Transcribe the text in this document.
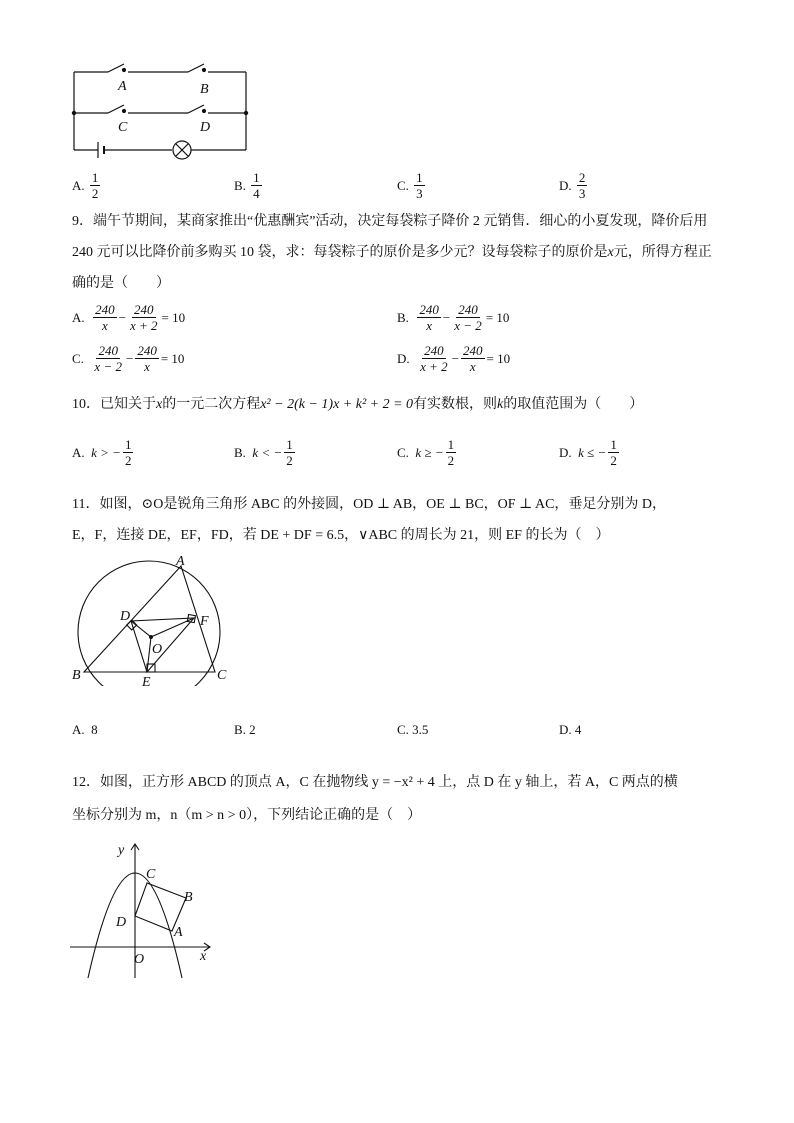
A	B
C	D
A.
$\frac{1}{2}$	B.
$\frac{1}{4}$	C.
$\frac{1}{3}$	D.
$\frac{2}{3}$
9．端午节期间，某商家推出“优惠酬宾”活动，决定每袋粽子降价 2 元销售．细心的小夏发现，降价后用
240 元可以比降价前多购买 10 袋，求：每袋粽子的原价是多少元？设每袋粽子的原价是x元，所得方程正
确的是（　　）
A.
$\frac{240}{x} - \frac{240}{x + 2} = 10$	B.
$\frac{240}{x} - \frac{240}{x - 2} = 10$
C.
$\frac{240}{x - 2} - \frac{240}{x} = 10$	D.
$\frac{240}{x + 2} - \frac{240}{x} = 10$
10．已知关于x的一元二次方程x² − 2(k − 1)x + k² + 2 = 0有实数根，则k的取值范围为（　　）
A.
k > − $\frac{1}{2}$	B.
k < − $\frac{1}{2}$	C.
k ≥ − $\frac{1}{2}$	D.
k ≤ − $\frac{1}{2}$
11．如图，⊙O是锐角三角形 ABC 的外接圆，OD ⊥ AB，OE ⊥ BC，OF ⊥ AC，垂足分别为 D，
E，F，连接 DE，EF，FD，若 DE + DF = 6.5，∨ABC 的周长为 21，则 EF 的长为（　）
A
B	C
D
E
F
O
A.
8	B.
2	C.
3.5	D.
4
12．如图，正方形 ABCD 的顶点 A，C 在抛物线 y = −x² + 4 上，点 D 在 y 轴上，若 A，C 两点的横
坐标分别为 m，n（m > n > 0），下列结论正确的是（　）
y
x
O
A
B
C
D
